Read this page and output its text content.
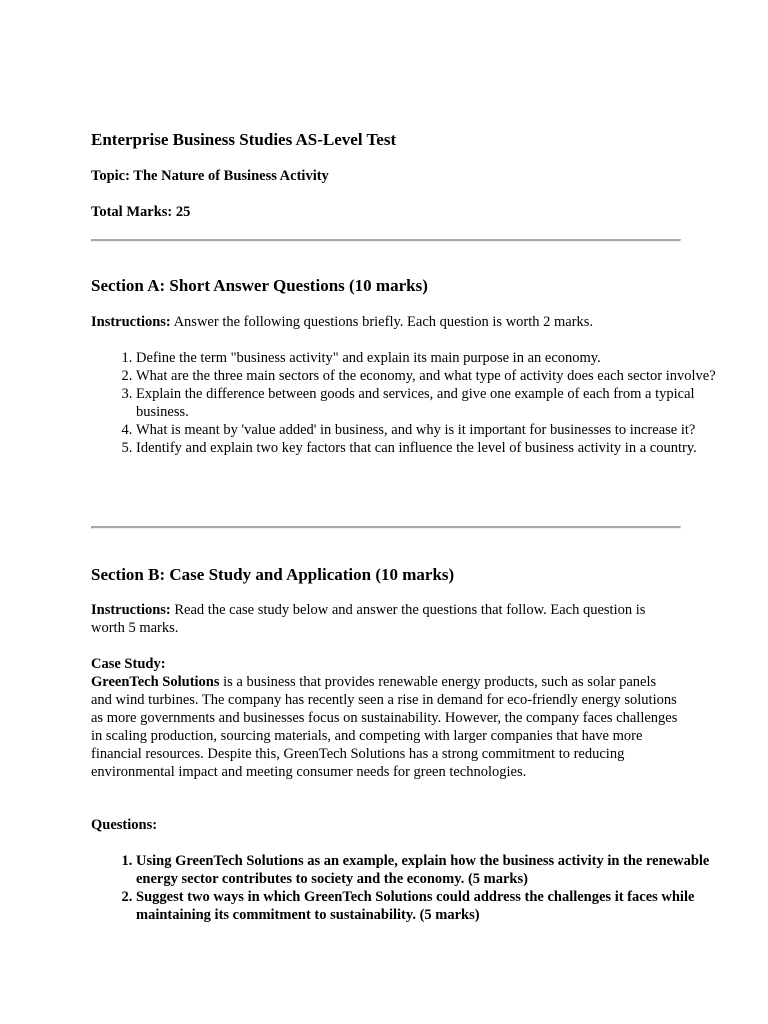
Enterprise Business Studies AS-Level Test

Topic: The Nature of Business Activity

Total Marks: 25

Section A: Short Answer Questions (10 marks)

Instructions: Answer the following questions briefly. Each question is worth 2 marks.

1. Define the term "business activity" and explain its main purpose in an economy.
2. What are the three main sectors of the economy, and what type of activity does each sector involve?
3. Explain the difference between goods and services, and give one example of each from a typical business.
4. What is meant by 'value added' in business, and why is it important for businesses to increase it?
5. Identify and explain two key factors that can influence the level of business activity in a country.
Section B: Case Study and Application (10 marks)

Instructions: Read the case study below and answer the questions that follow. Each question is worth 5 marks.

Case Study:
GreenTech Solutions is a business that provides renewable energy products, such as solar panels and wind turbines. The company has recently seen a rise in demand for eco-friendly energy solutions as more governments and businesses focus on sustainability. However, the company faces challenges in scaling production, sourcing materials, and competing with larger companies that have more financial resources. Despite this, GreenTech Solutions has a strong commitment to reducing environmental impact and meeting consumer needs for green technologies.

Questions:

1. Using GreenTech Solutions as an example, explain how the business activity in the renewable energy sector contributes to society and the economy. (5 marks)
2. Suggest two ways in which GreenTech Solutions could address the challenges it faces while maintaining its commitment to sustainability. (5 marks)
